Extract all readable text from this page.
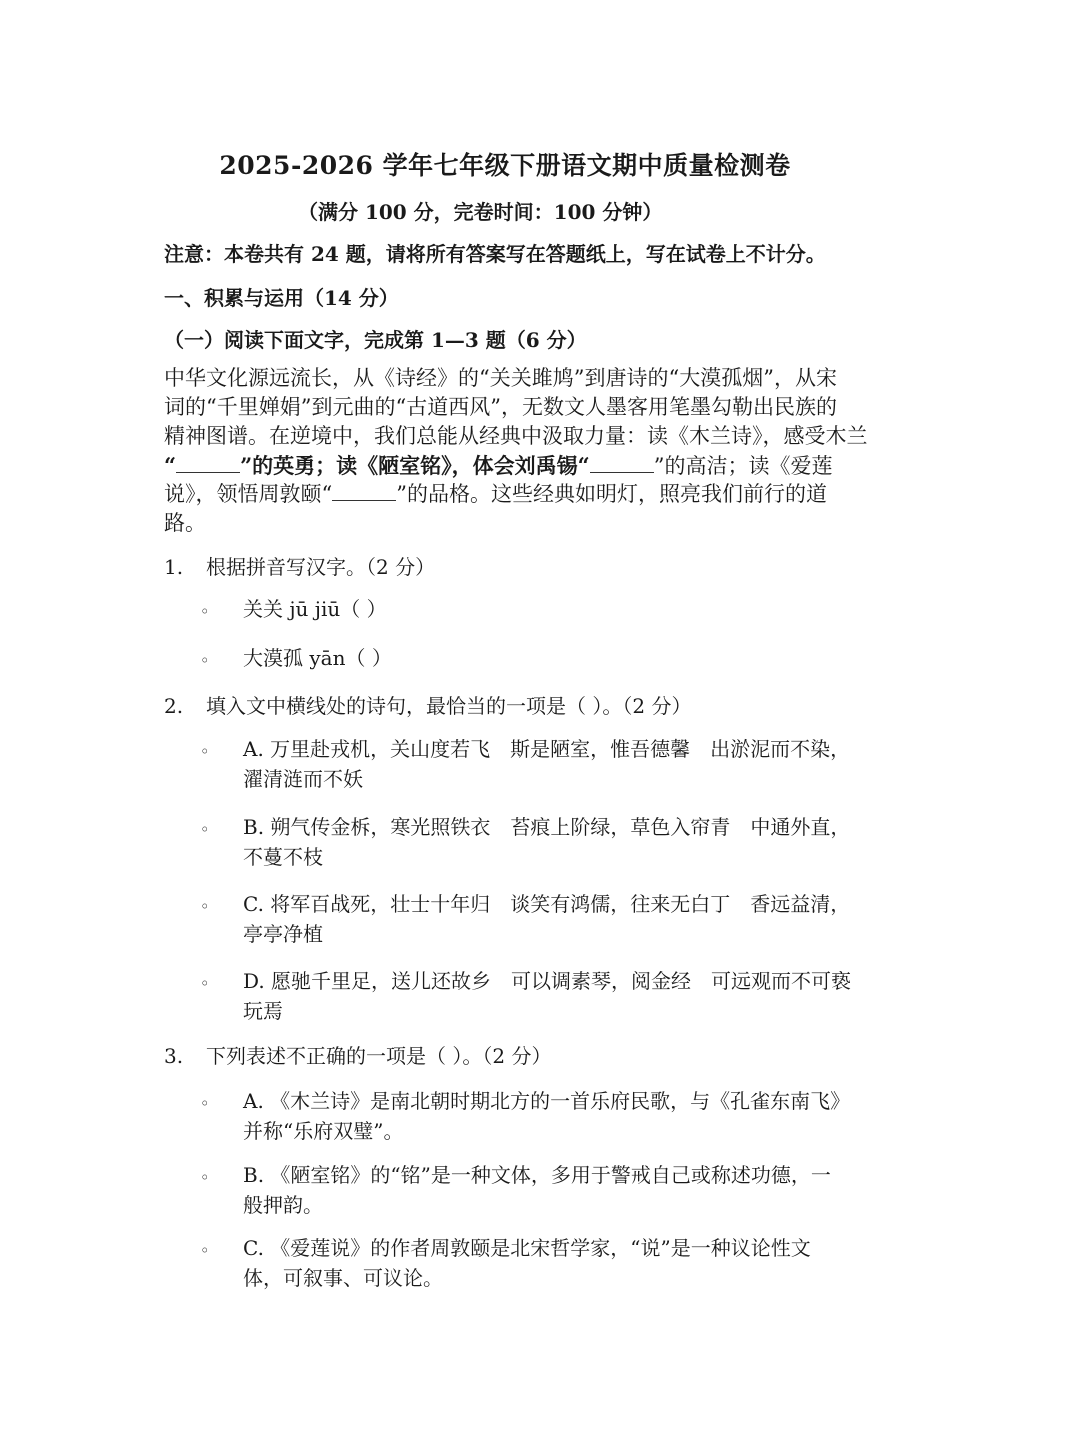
2025-2026 学年七年级下册语文期中质量检测卷
（满分 100 分，完卷时间：100 分钟）
注意：本卷共有 24 题，请将所有答案写在答题纸上，写在试卷上不计分。
一、积累与运用（14 分）
（一）阅读下面文字，完成第 1—3 题（6 分）
中华文化源远流长，从《诗经》的“关关雎鸠”到唐诗的“大漠孤烟”，从宋
词的“千里婵娟”到元曲的“古道西风”，无数文人墨客用笔墨勾勒出民族的
精神图谱。在逆境中，我们总能从经典中汲取力量：读《木兰诗》，感受木兰
“	”的英勇；读《陋室铭》，体会刘禹锡“	”的高洁；读《爱莲
说》，领悟周敦颐“	”的品格。这些经典如明灯，照亮我们前行的道
路。
1. 根据拼音写汉字。（2 分）
◦ 关关 jū jiū（ ）
◦ 大漠孤 yān（ ）
2. 填入文中横线处的诗句，最恰当的一项是（ ）。（2 分）
◦ A. 万里赴戎机，关山度若飞　斯是陋室，惟吾德馨　出淤泥而不染，
濯清涟而不妖
◦ B. 朔气传金柝，寒光照铁衣　苔痕上阶绿，草色入帘青　中通外直，
不蔓不枝
◦ C. 将军百战死，壮士十年归　谈笑有鸿儒，往来无白丁　香远益清，
亭亭净植
◦ D. 愿驰千里足，送儿还故乡　可以调素琴，阅金经　可远观而不可亵
玩焉
3. 下列表述不正确的一项是（ ）。（2 分）
◦ A. 《木兰诗》是南北朝时期北方的一首乐府民歌，与《孔雀东南飞》
并称“乐府双璧”。
◦ B. 《陋室铭》的“铭”是一种文体，多用于警戒自己或称述功德，一
般押韵。
◦ C. 《爱莲说》的作者周敦颐是北宋哲学家，“说”是一种议论性文
体，可叙事、可议论。
